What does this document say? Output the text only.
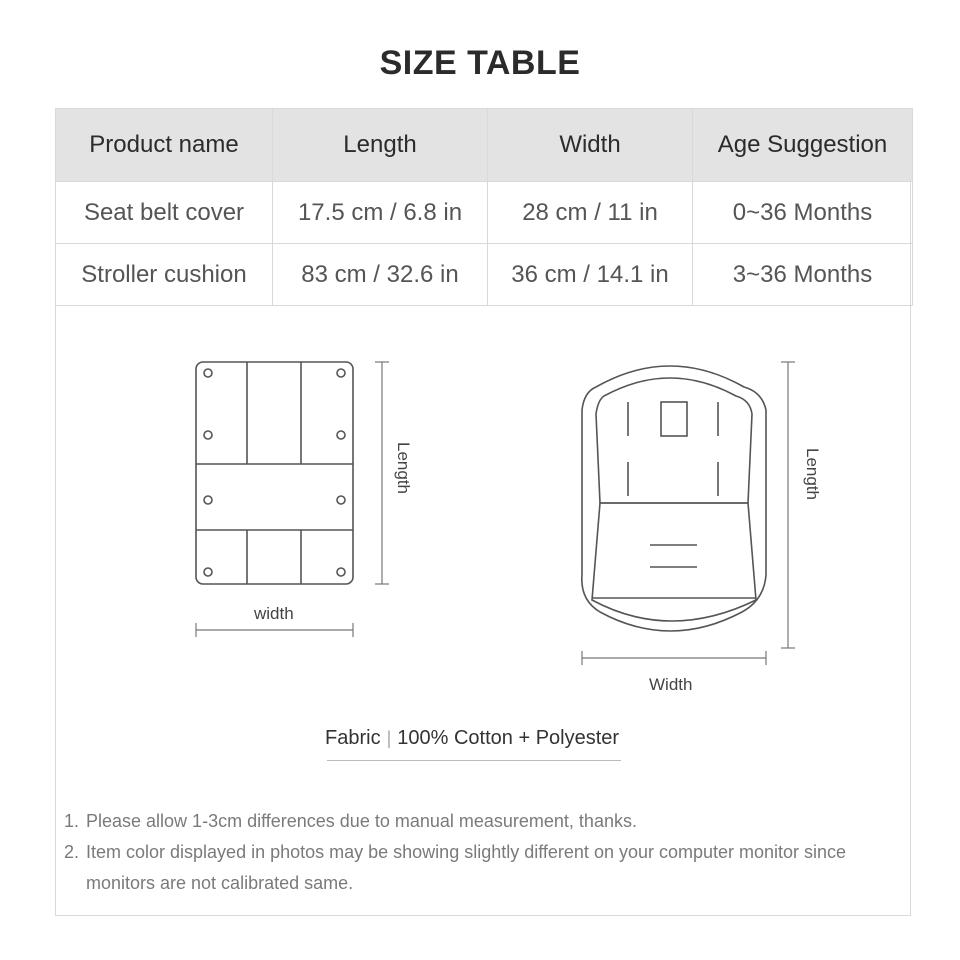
SIZE TABLE
Product name	Length	Width	Age Suggestion
Seat belt cover	17.5 cm / 6.8 in	28 cm / 11 in	0~36 Months
Stroller cushion	83 cm / 32.6 in	36 cm / 14.1 in	3~36 Months
Length
width
Length
Width
Fabric | 100% Cotton + Polyester
1. Please allow 1-3cm differences due to manual measurement, thanks.
2. Item color displayed in photos may be showing slightly different on your computer monitor since monitors are not calibrated same.
